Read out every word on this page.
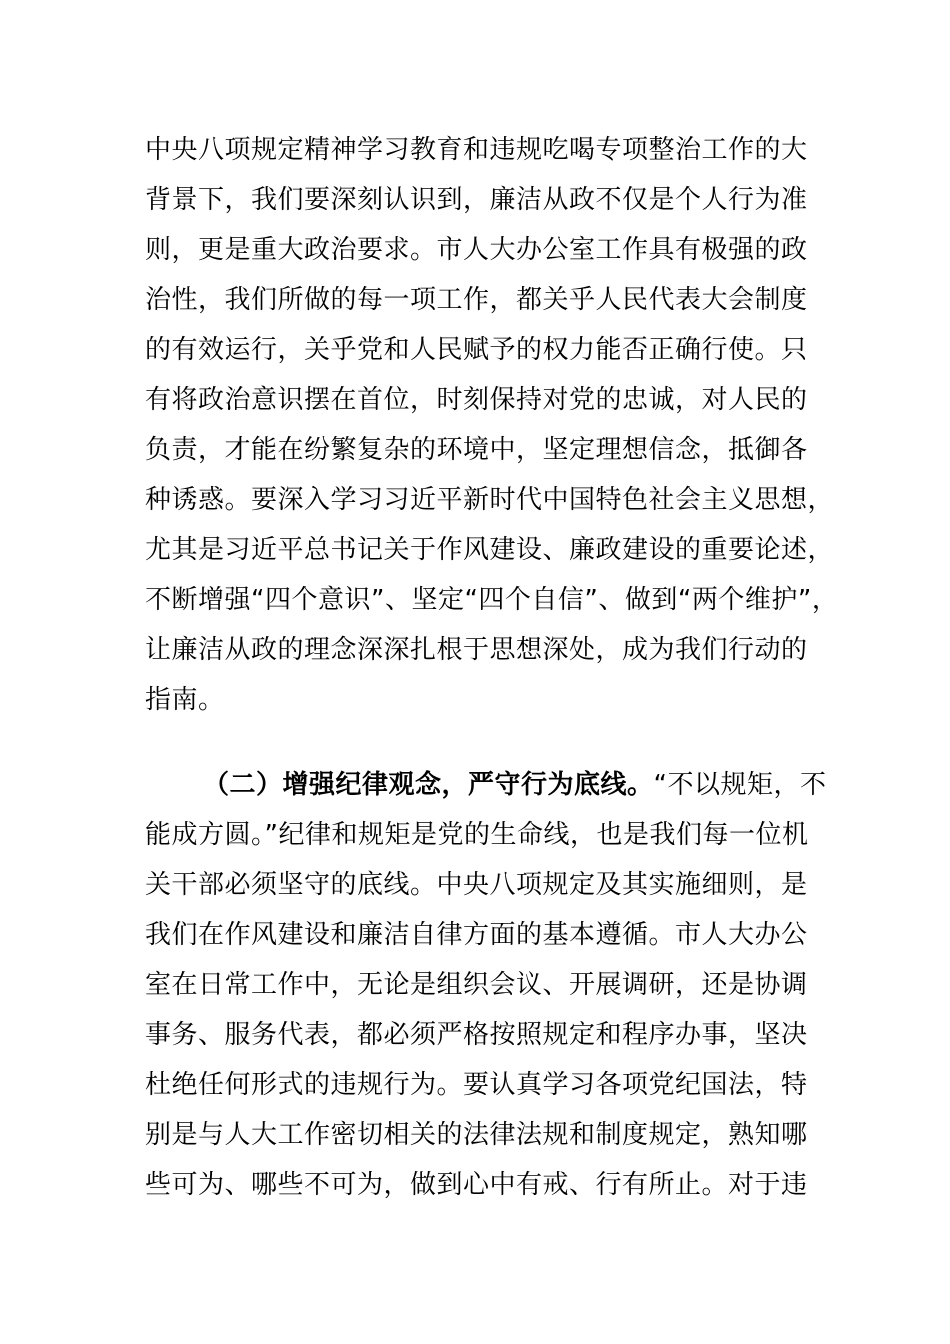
中央八项规定精神学习教育和违规吃喝专项整治工作的大
背景下，我们要深刻认识到，廉洁从政不仅是个人行为准
则，更是重大政治要求。市人大办公室工作具有极强的政
治性，我们所做的每一项工作，都关乎人民代表大会制度
的有效运行，关乎党和人民赋予的权力能否正确行使。只
有将政治意识摆在首位，时刻保持对党的忠诚，对人民的
负责，才能在纷繁复杂的环境中，坚定理想信念，抵御各
种诱惑。要深入学习习近平新时代中国特色社会主义思想，
尤其是习近平总书记关于作风建设、廉政建设的重要论述，
不断增强“四个意识”、坚定“四个自信”、做到“两个维护”，
让廉洁从政的理念深深扎根于思想深处，成为我们行动的
指南。
（二）增强纪律观念，严守行为底线。“不以规矩，不
能成方圆。”纪律和规矩是党的生命线，也是我们每一位机
关干部必须坚守的底线。中央八项规定及其实施细则，是
我们在作风建设和廉洁自律方面的基本遵循。市人大办公
室在日常工作中，无论是组织会议、开展调研，还是协调
事务、服务代表，都必须严格按照规定和程序办事，坚决
杜绝任何形式的违规行为。要认真学习各项党纪国法，特
别是与人大工作密切相关的法律法规和制度规定，熟知哪
些可为、哪些不可为，做到心中有戒、行有所止。对于违
